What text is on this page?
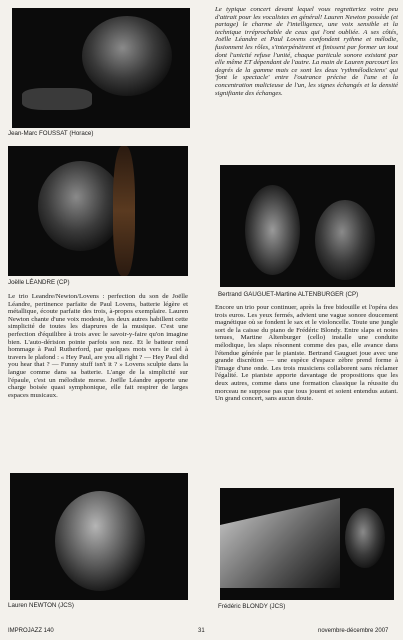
Jean-Marc FOUSSAT (Horace)
Joëlle LÉANDRE (CP)

Le trio Leandre/Newton/Lovens : perfection du son de Joëlle Léandre, pertinence parfaite de Paul Lovens, batterie légère et métallique, écoute parfaite des trois, à-propos exemplaire. Lauren Newton chante d'une voix modeste, les deux autres habillent cette simplicité de toutes les diaprures de la musique. C'est une perfection d'équilibre à trois avec le savoir-y-faire qu'on imagine bien. L'auto-dérision pointe parfois son nez. Et le batteur rend hommage à Paul Rutherford, par quelques mots vers le ciel à travers le plafond : « Hey Paul, are you all right ? — Hey Paul did you hear that ? — Funny stuff isn't it ? » Lovens sculpte dans la langue comme dans sa batterie. L'ange de la simplicité sur l'épaule, c'est un mélodiste morse. Joëlle Léandre apporte une charge boisée quasi symphonique, elle fait respirer de larges espaces musicaux.

Lauren NEWTON (JCS)

Le typique concert devant lequel vous regretteriez votre peu d'attrait pour les vocalistes en général! Lauren Newton possède (et partage) le charme de l'intelligence, une voix sensible et la technique irréprochable de ceux qui l'ont oubliée. A ses côtés, Joëlle Léandre et Paul Lovens confondent rythme et mélodie, fusionnent les rôles, s'interpénètrent et finissent par former un tout dont l'unicité refuse l'unité, chaque particule sonore existant par elle même ET dépendant de l'autre. La main de Lauren parcourt les degrés de la gamme mais ce sont les deux 'rythmélodiciens' qui 'font le spectacle' entre l'outrance précise de l'une et la concentration malicieuse de l'un, les signes échangés et la densité signifiante des échanges.

Bertrand GAUGUET-Martine ALTENBURGER (CP)

Encore un trio pour continuer, après la free bidouille et l'opéra des trois euros. Les yeux fermés, advient une vague sonore doucement magnétique où se fondent le sax et le violoncelle. Toute une jungle sort de la caisse du piano de Frédéric Blondy. Entre slaps et notes tenues, Martine Altenburger (cello) installe une conduite mélodique, les slaps résonnent comme des pas, elle avance dans l'étendue générée par le pianiste. Bertrand Gauguet joue avec une grande discrétion — une espèce d'espace zèbre prend forme à l'image d'une onde. Les trois musiciens collaborent sans réclamer l'égalité. Le pianiste apporte davantage de propositions que les deux autres, comme dans une formation classique la réussite du morceau ne suppose pas que tous jouent et soient entendus autant. Un grand concert, sans aucun doute.

Frédéric BLONDY (JCS)
IMPROJAZZ 140	31	novembre-décembre 2007
